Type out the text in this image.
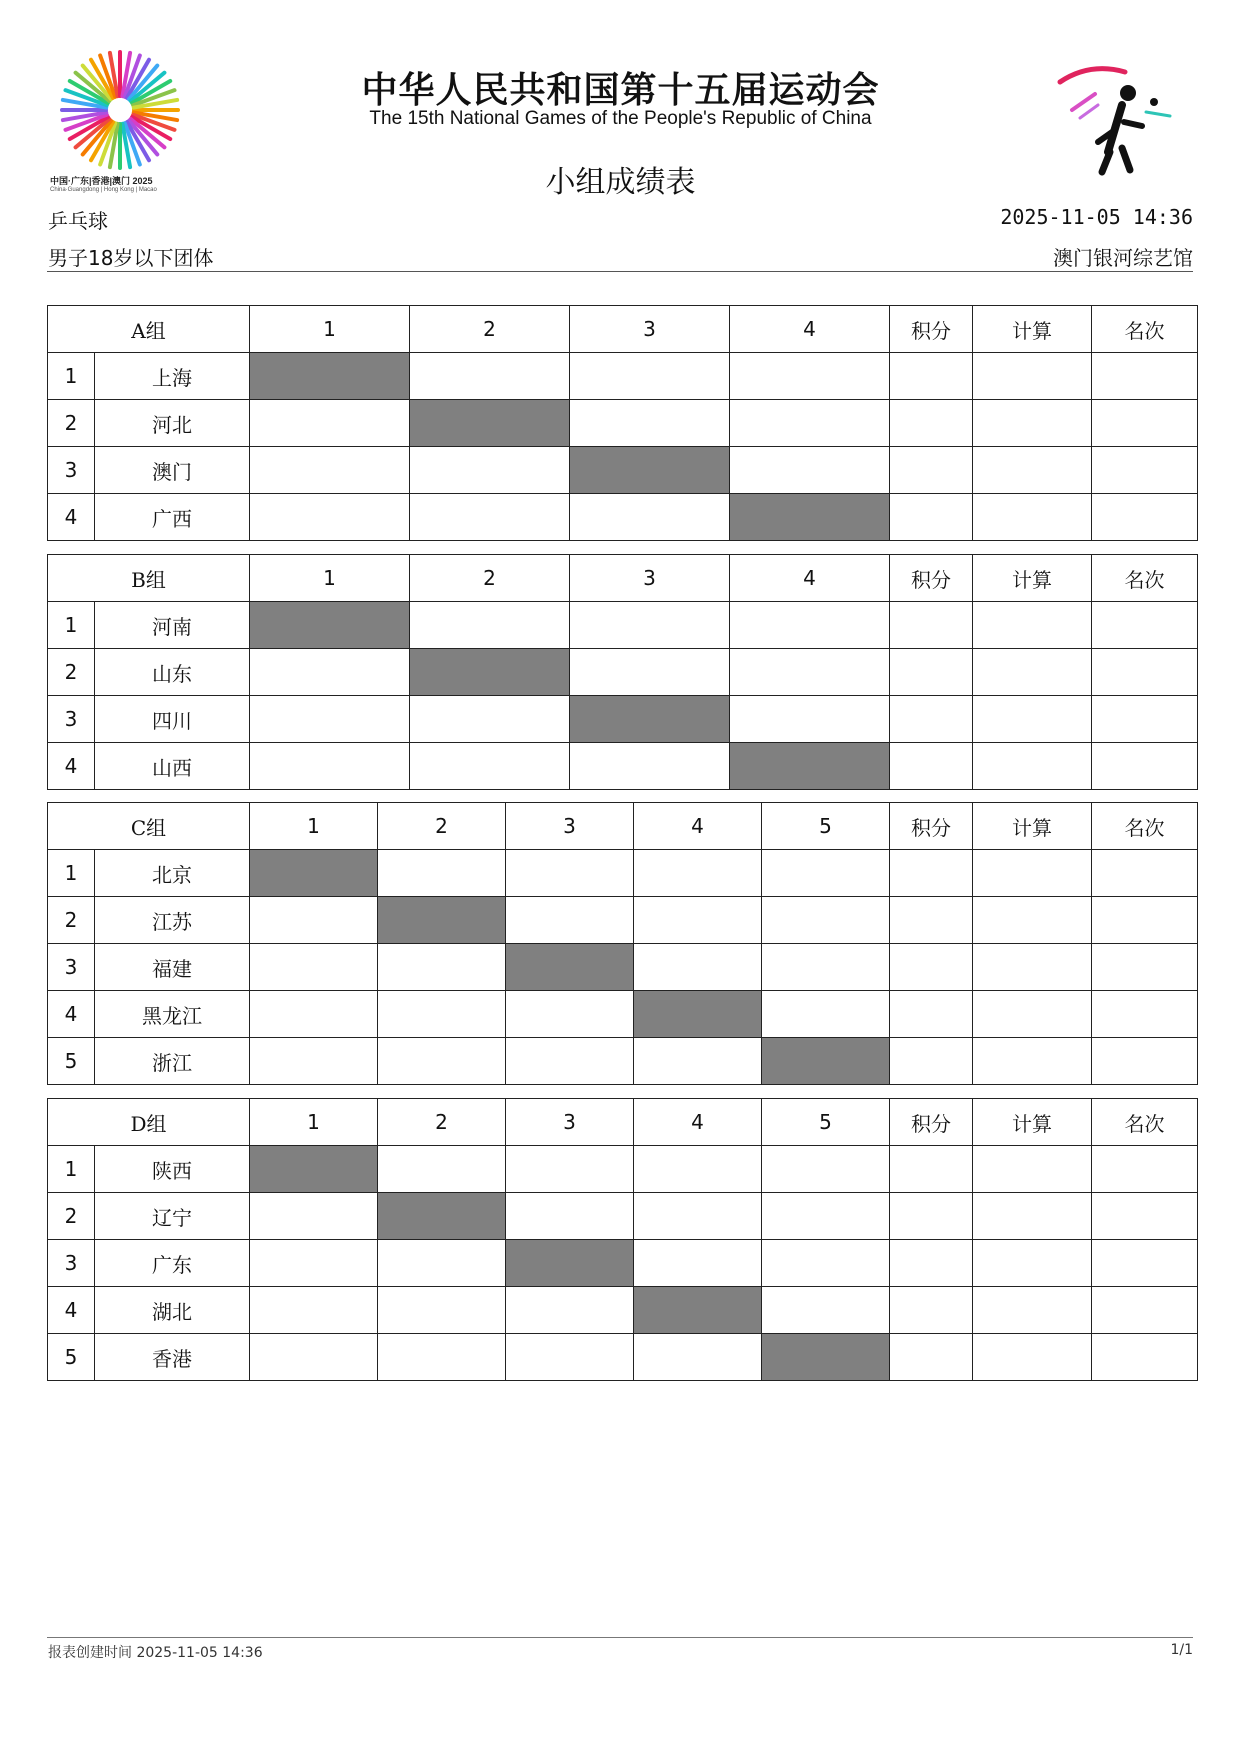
中国·广东|香港|澳门 2025
China·Guangdong | Hong Kong | Macao
中华人民共和国第十五届运动会
The 15th National Games of the People's Republic of China
小组成绩表
乒乓球
男子18岁以下团体
2025-11-05 14:36
澳门银河综艺馆
A组		1	2	3	4	积分	计算	名次
1	上海							
2	河北							
3	澳门							
4	广西							
B组		1	2	3	4	积分	计算	名次
1	河南							
2	山东							
3	四川							
4	山西							
C组		1	2	3	4	5	积分	计算	名次
1	北京								
2	江苏								
3	福建								
4	黑龙江								
5	浙江								
D组		1	2	3	4	5	积分	计算	名次
1	陕西								
2	辽宁								
3	广东								
4	湖北								
5	香港								
报表创建时间 2025-11-05 14:36	1/1
